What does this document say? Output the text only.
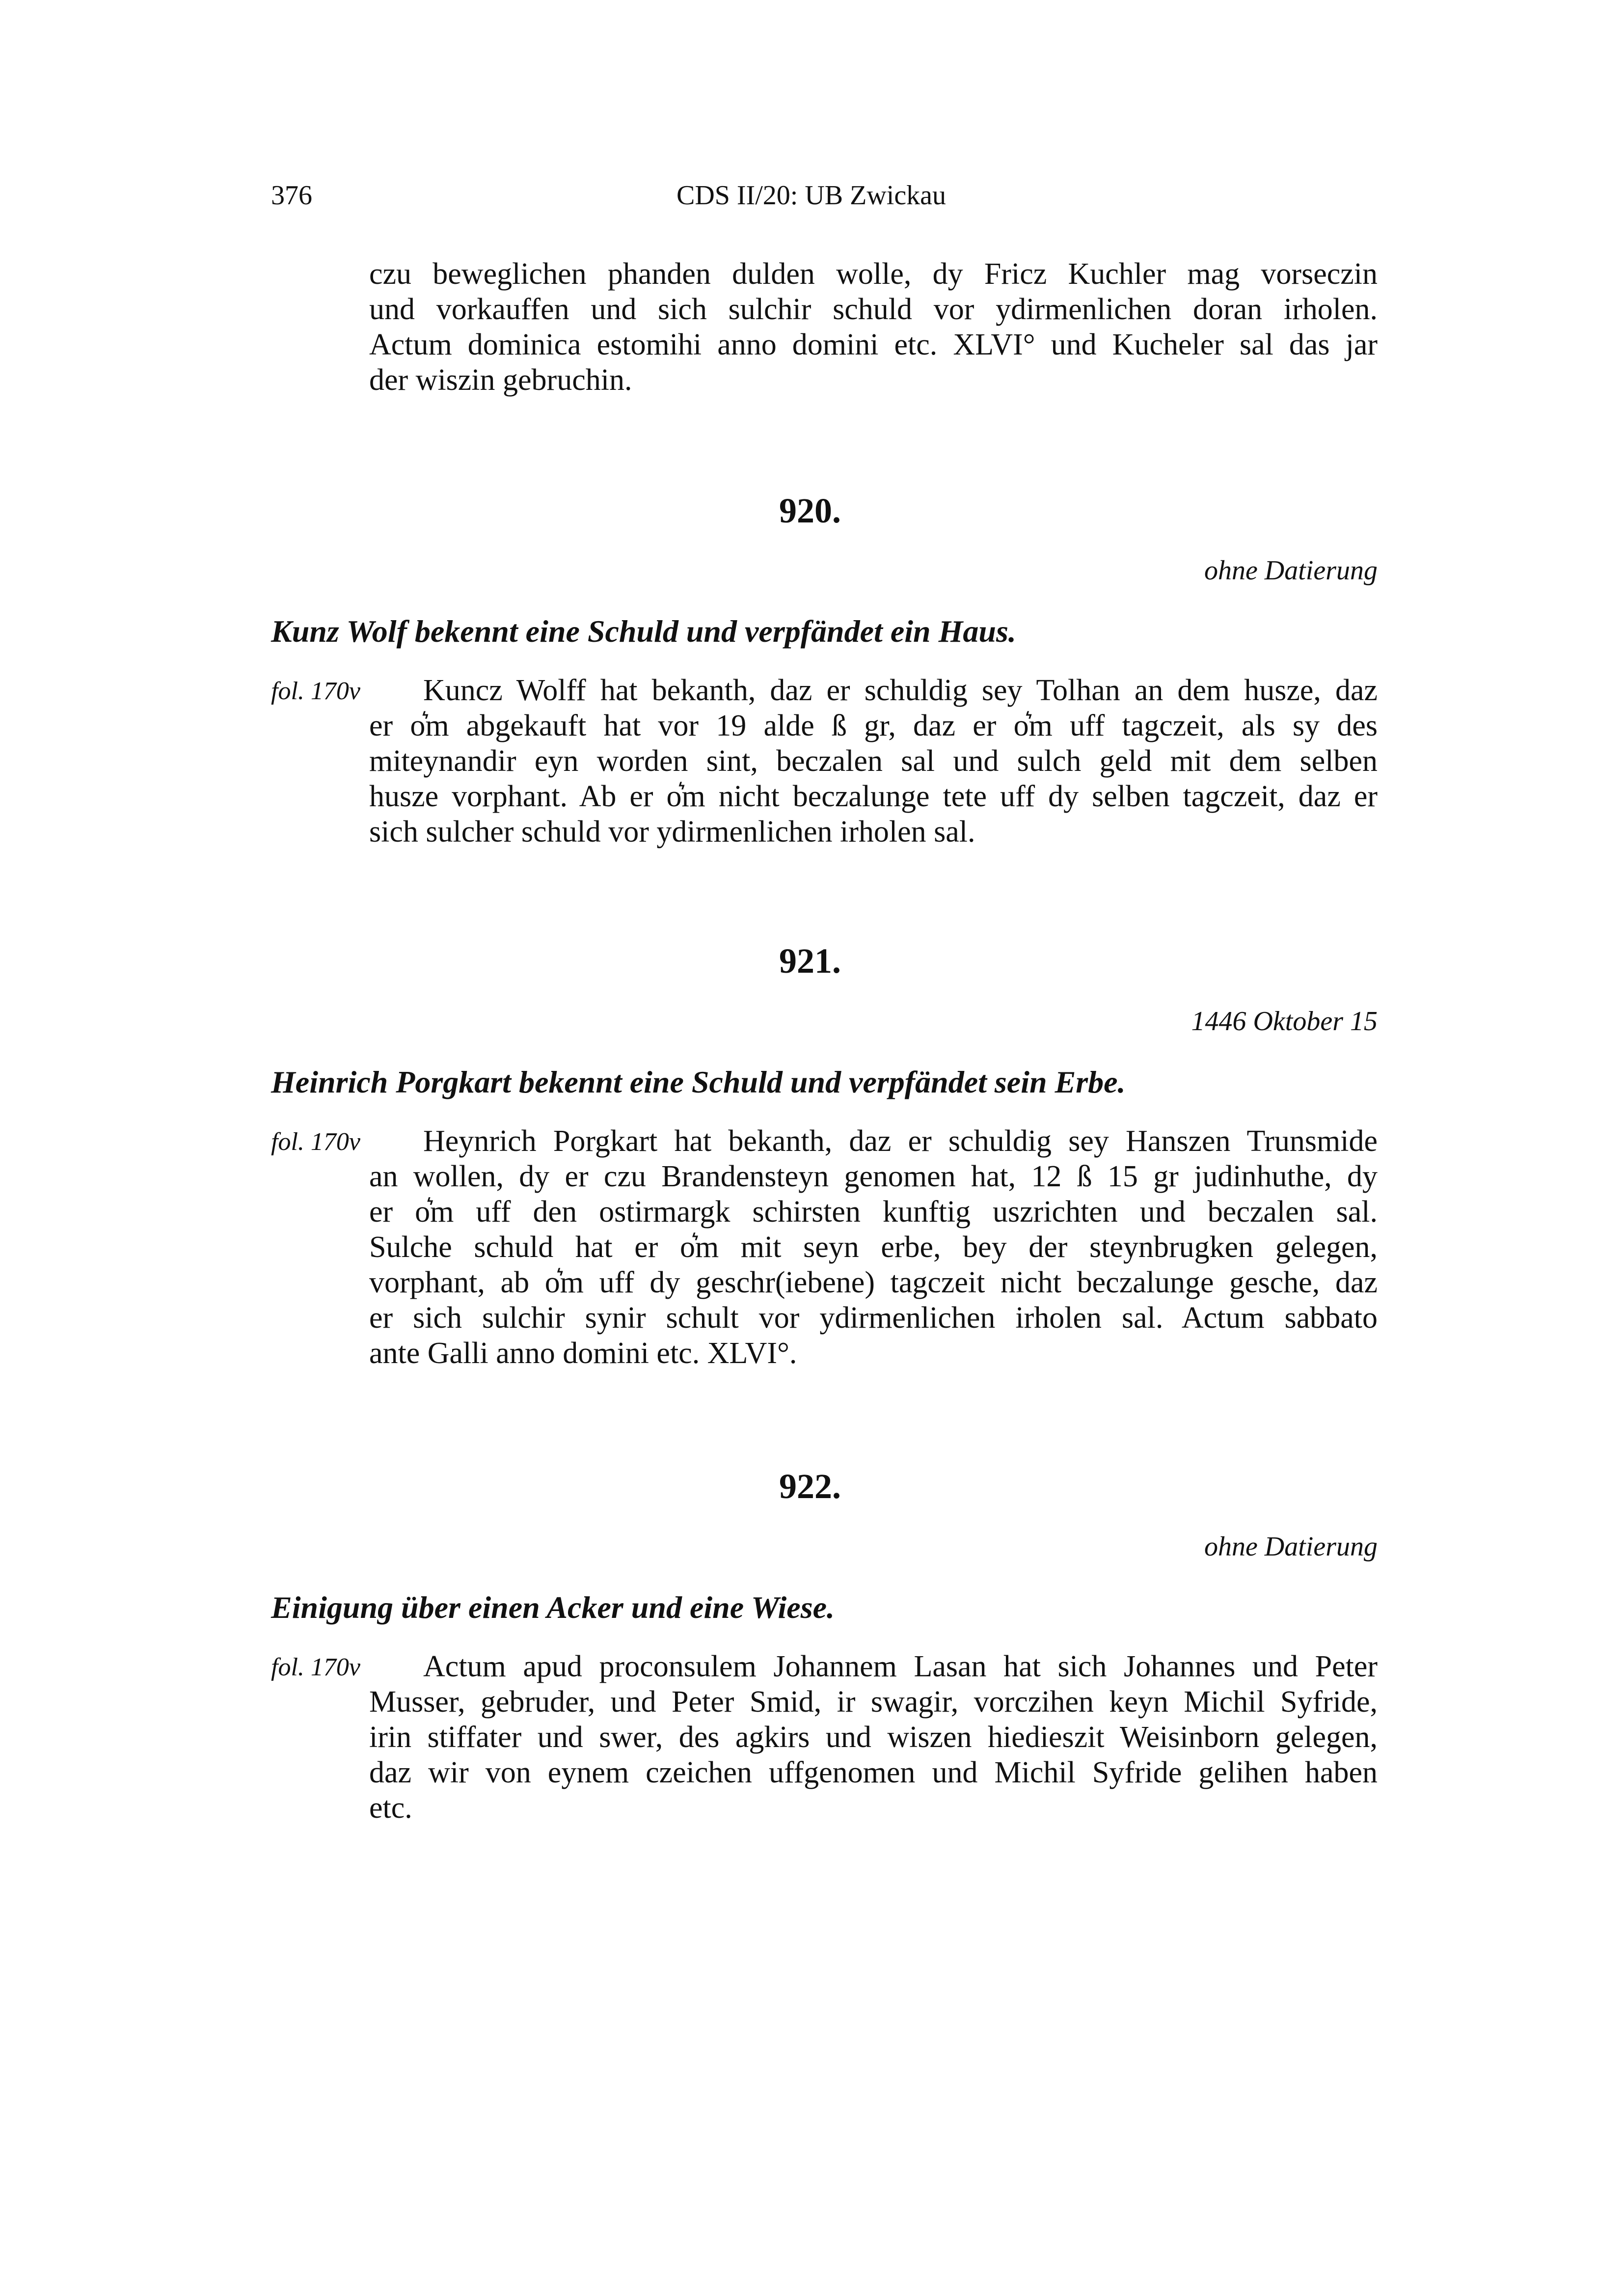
376	CDS II/20: UB Zwickau
czu beweglichen phanden dulden wolle, dy Fricz Kuchler mag vorseczin
und vorkauffen und sich sulchir schuld vor ydirmenlichen doran irholen.
Actum dominica estomihi anno domini etc. XLVI° und Kucheler sal das jar
der wiszin gebruchin.
920.
ohne Datierung
Kunz Wolf bekennt eine Schuld und verpfändet ein Haus.
fol. 170v	Kuncz Wolff hat bekanth, daz er schuldig sey Tolhan an dem husze, daz
er o͛m abgekauft hat vor 19 alde ß gr, daz er o͛m uff tagczeit, als sy des
miteynandir eyn worden sint, beczalen sal und sulch geld mit dem selben
husze vorphant. Ab er o͛m nicht beczalunge tete uff dy selben tagczeit, daz er
sich sulcher schuld vor ydirmenlichen irholen sal.
921.
1446 Oktober 15
Heinrich Porgkart bekennt eine Schuld und verpfändet sein Erbe.
fol. 170v	Heynrich Porgkart hat bekanth, daz er schuldig sey Hanszen Trunsmide
an wollen, dy er czu Brandensteyn genomen hat, 12 ß 15 gr judinhuthe, dy
er o͛m uff den ostirmargk schirsten kunftig uszrichten und beczalen sal.
Sulche schuld hat er o͛m mit seyn erbe, bey der steynbrugken gelegen,
vorphant, ab o͛m uff dy geschr(iebene) tagczeit nicht beczalunge gesche, daz
er sich sulchir synir schult vor ydirmenlichen irholen sal. Actum sabbato
ante Galli anno domini etc. XLVI°.
922.
ohne Datierung
Einigung über einen Acker und eine Wiese.
fol. 170v	Actum apud proconsulem Johannem Lasan hat sich Johannes und Peter
Musser, gebruder, und Peter Smid, ir swagir, vorczihen keyn Michil Syfride,
irin stiffater und swer, des agkirs und wiszen hiedieszit Weisinborn gelegen,
daz wir von eynem czeichen uffgenomen und Michil Syfride gelihen haben
etc.
